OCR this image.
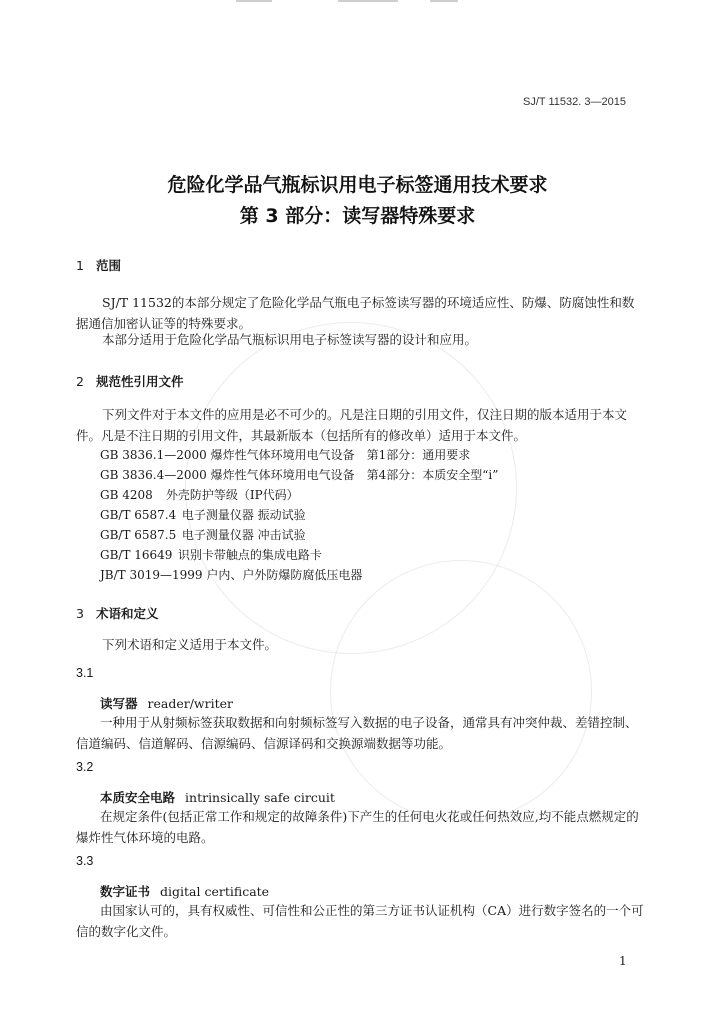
SJ/T 11532. 3—2015
危险化学品气瓶标识用电子标签通用技术要求
第 3 部分：读写器特殊要求
1 范围
SJ/T 11532的本部分规定了危险化学品气瓶电子标签读写器的环境适应性、防爆、防腐蚀性和数据通信加密认证等的特殊要求。
本部分适用于危险化学品气瓶标识用电子标签读写器的设计和应用。
2 规范性引用文件
下列文件对于本文件的应用是必不可少的。凡是注日期的引用文件，仅注日期的版本适用于本文件。凡是不注日期的引用文件，其最新版本（包括所有的修改单）适用于本文件。
GB 3836.1—2000 爆炸性气体环境用电气设备　第1部分：通用要求
GB 3836.4—2000 爆炸性气体环境用电气设备　第4部分：本质安全型“i”
GB 4208 外壳防护等级（IP代码）
GB/T 6587.4 电子测量仪器 振动试验
GB/T 6587.5 电子测量仪器 冲击试验
GB/T 16649 识别卡带触点的集成电路卡
JB/T 3019—1999 户内、户外防爆防腐低压电器
3 术语和定义
下列术语和定义适用于本文件。
3.1
读写器 reader/writer
一种用于从射频标签获取数据和向射频标签写入数据的电子设备，通常具有冲突仲裁、差错控制、信道编码、信道解码、信源编码、信源译码和交换源端数据等功能。
3.2
本质安全电路 intrinsically safe circuit
在规定条件(包括正常工作和规定的故障条件)下产生的任何电火花或任何热效应,均不能点燃规定的爆炸性气体环境的电路。
3.3
数字证书 digital certificate
由国家认可的，具有权威性、可信性和公正性的第三方证书认证机构（CA）进行数字签名的一个可信的数字化文件。
1
